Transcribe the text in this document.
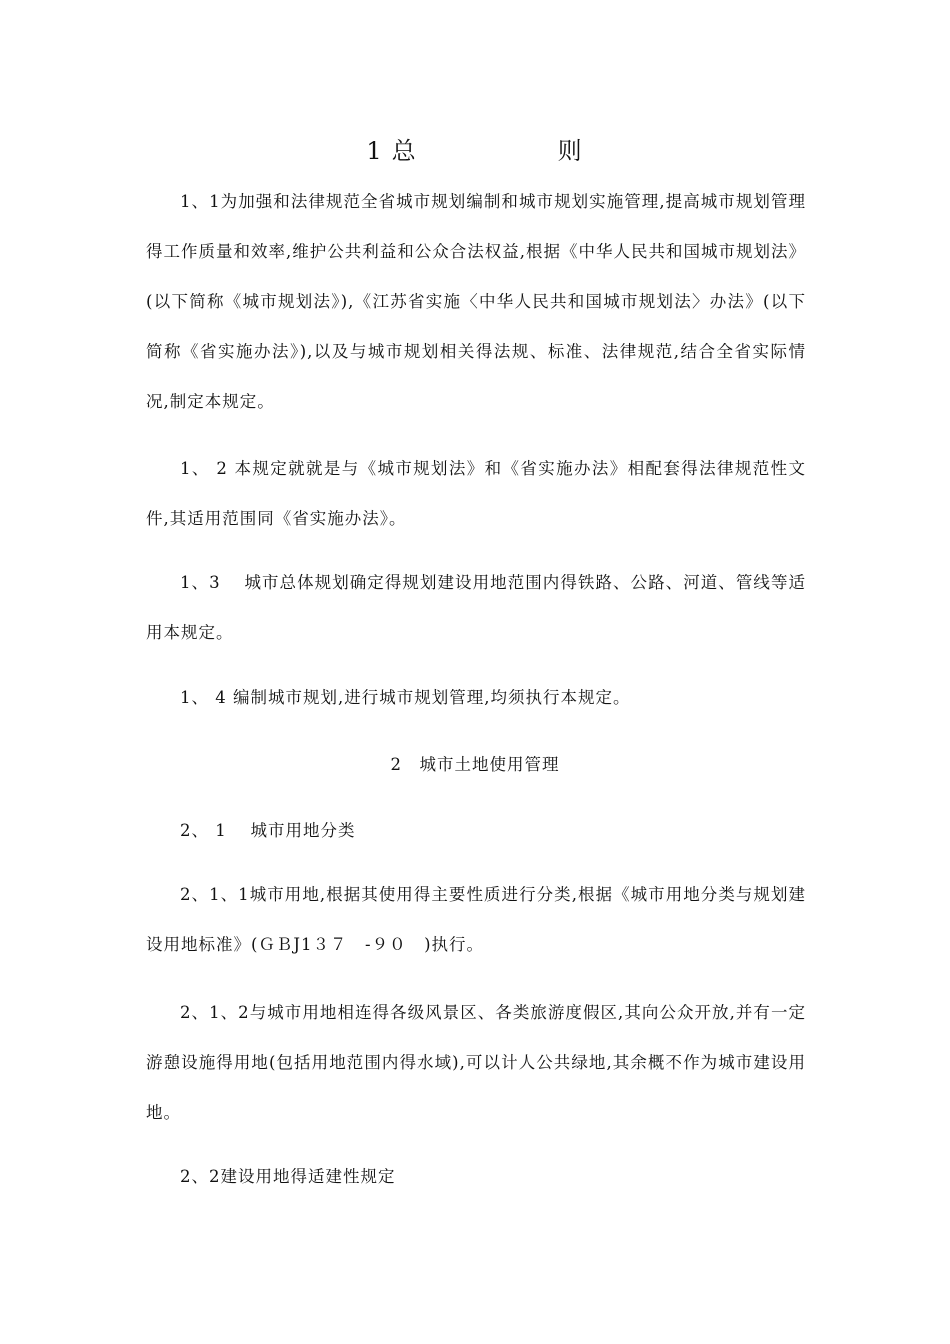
1 总	则

1、1为加强和法律规范全省城市规划编制和城市规划实施管理,提高城市规划管理得工作质量和效率,维护公共利益和公众合法权益,根据《中华人民共和国城市规划法》(以下简称《城市规划法》),《江苏省实施〈中华人民共和国城市规划法〉办法》(以下简称《省实施办法》),以及与城市规划相关得法规、标准、法律规范,结合全省实际情况,制定本规定。

1、 2 本规定就就是与《城市规划法》和《省实施办法》相配套得法律规范性文件,其适用范围同《省实施办法》。

1、3 　城市总体规划确定得规划建设用地范围内得铁路、公路、河道、管线等适用本规定。

1、 4 编制城市规划,进行城市规划管理,均须执行本规定。

2　城市土地使用管理

2、 1　 城市用地分类

2、1、1城市用地,根据其使用得主要性质进行分类,根据《城市用地分类与规划建设用地标准》(ＧＢJ1３７　-９０　)执行。

2、1、2与城市用地相连得各级风景区、各类旅游度假区,其向公众开放,并有一定游憩设施得用地(包括用地范围内得水域),可以计人公共绿地,其余概不作为城市建设用地。

2、2建设用地得适建性规定
